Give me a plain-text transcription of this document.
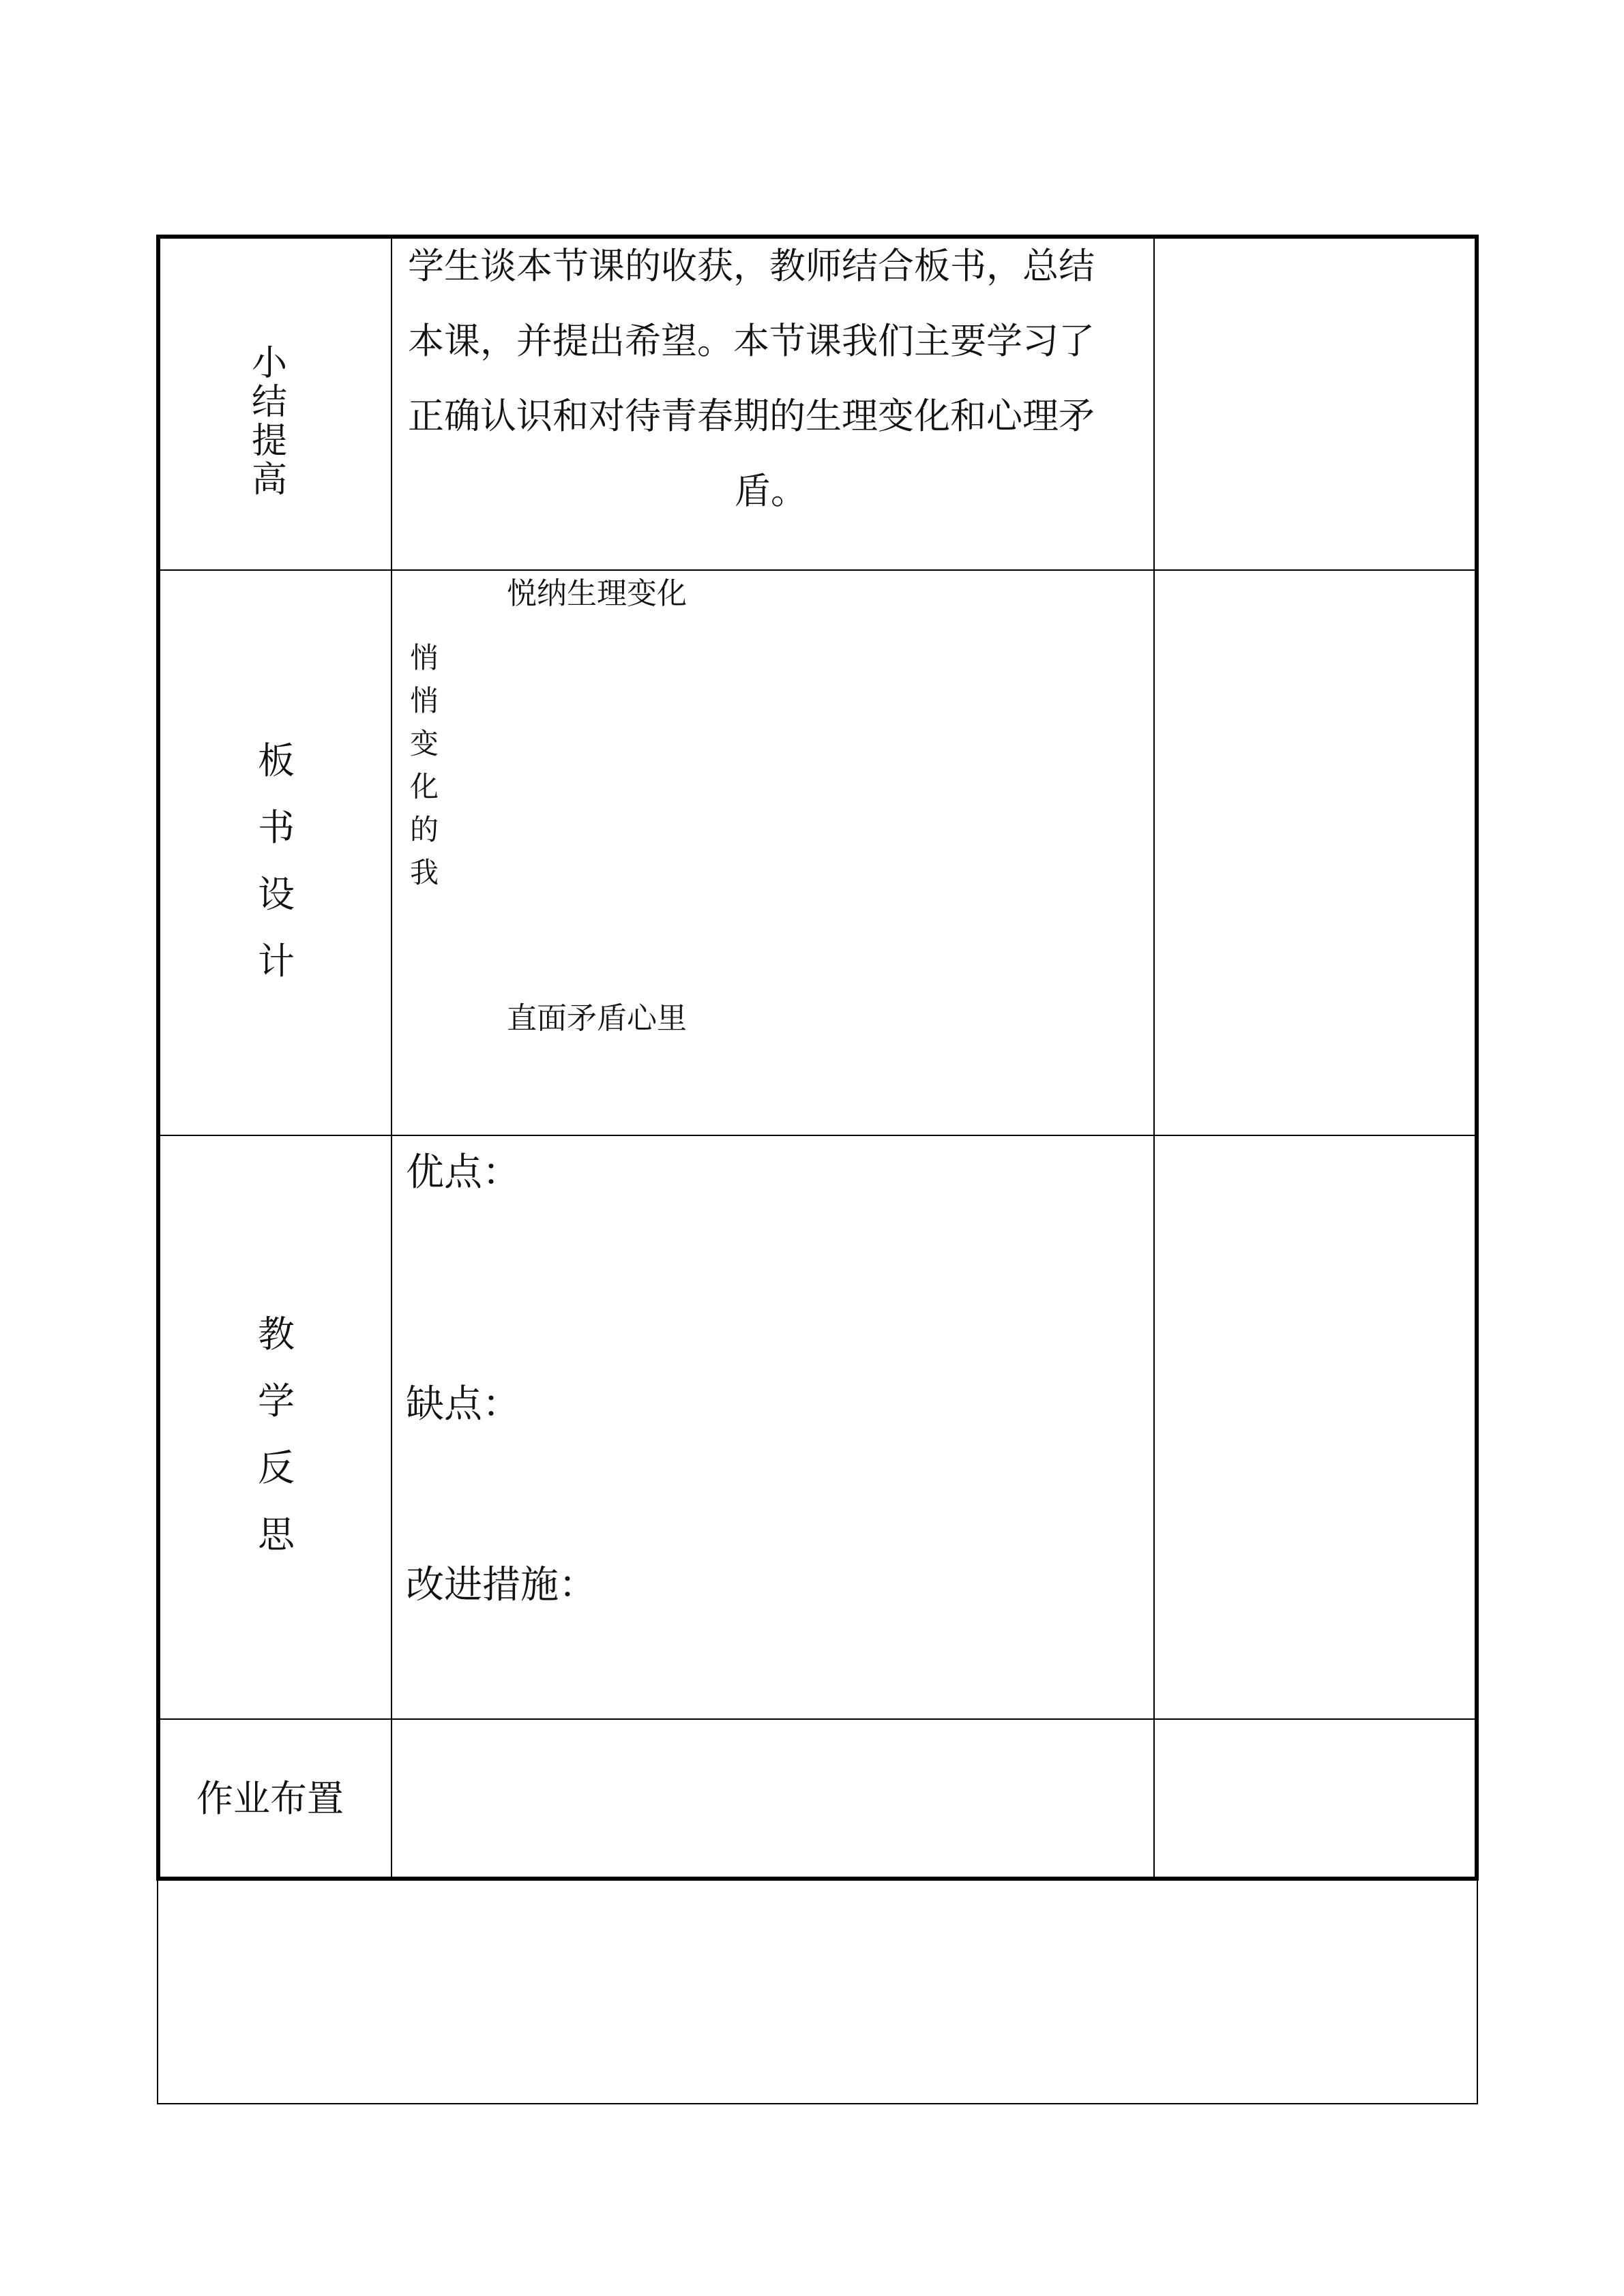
小
结
提
高
学生谈本节课的收获，教师结合板书，总结
本课，并提出希望。本节课我们主要学习了
正确认识和对待青春期的生理变化和心理矛
盾。
板
书
设
计
悦纳生理变化
悄
悄
变
化
的
我
直面矛盾心里
教
学
反
思
优点：
缺点：
改进措施：
作业布置
